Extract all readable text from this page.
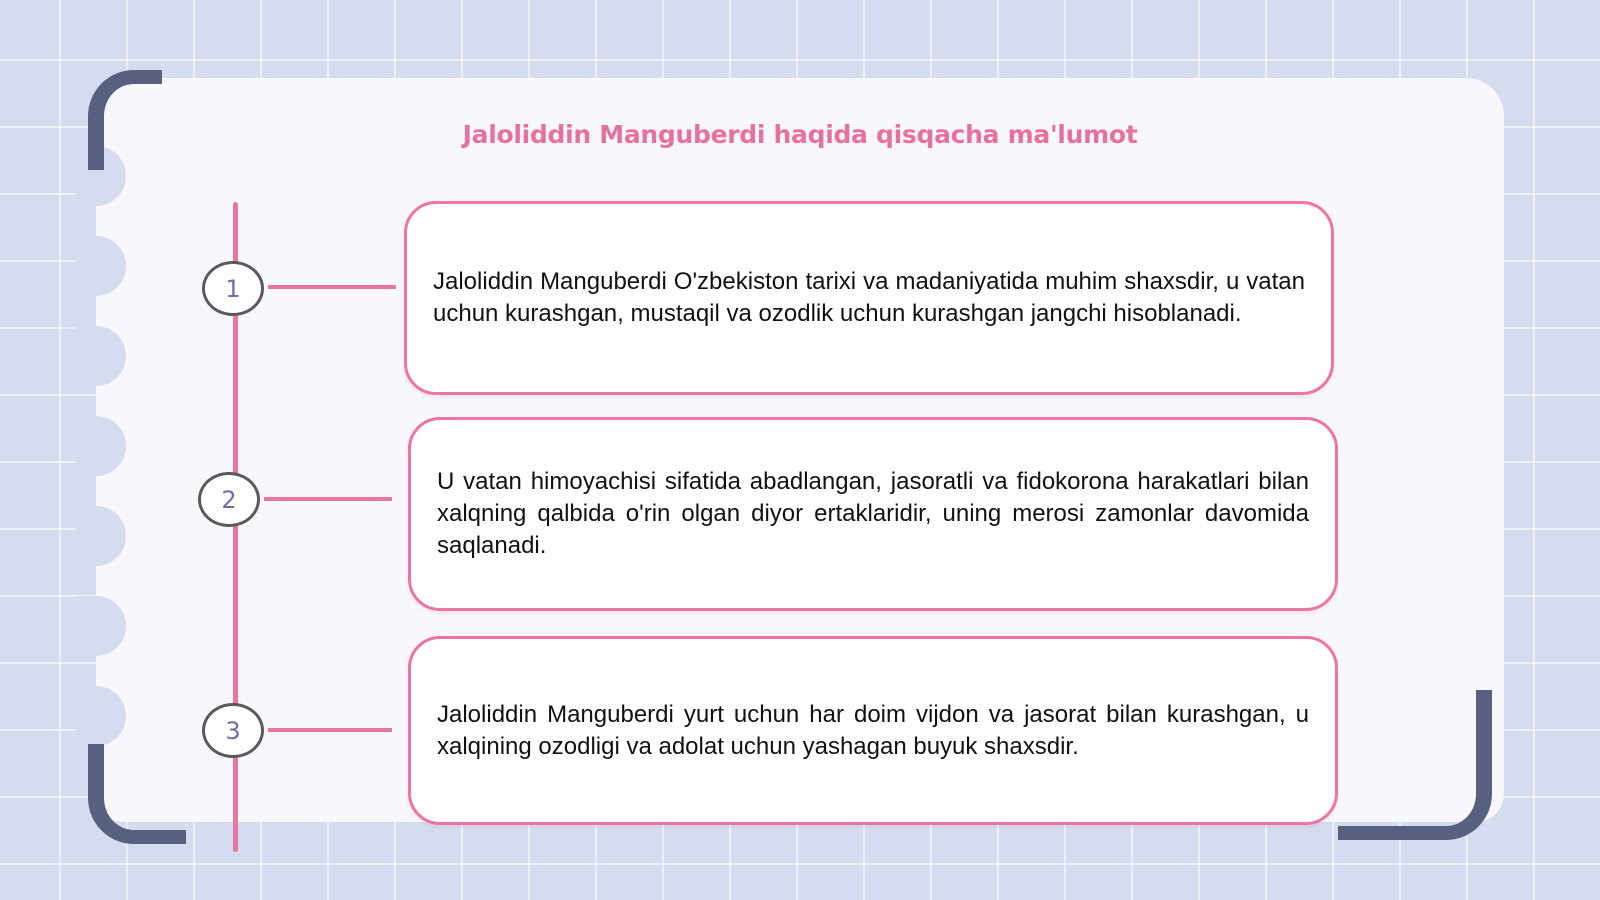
Jaloliddin Manguberdi haqida qisqacha ma'lumot
1
2
3
Jaloliddin Manguberdi O'zbekiston tarixi va madaniyatida muhim shaxsdir, u vatan uchun kurashgan, mustaqil va ozodlik uchun kurashgan jangchi hisoblanadi.
U vatan himoyachisi sifatida abadlangan, jasoratli va fidokorona harakatlari bilan xalqning qalbida o'rin olgan diyor ertaklaridir, uning merosi zamonlar davomida saqlanadi.
Jaloliddin Manguberdi yurt uchun har doim vijdon va jasorat bilan kurashgan, u xalqining ozodligi va adolat uchun yashagan buyuk shaxsdir.
